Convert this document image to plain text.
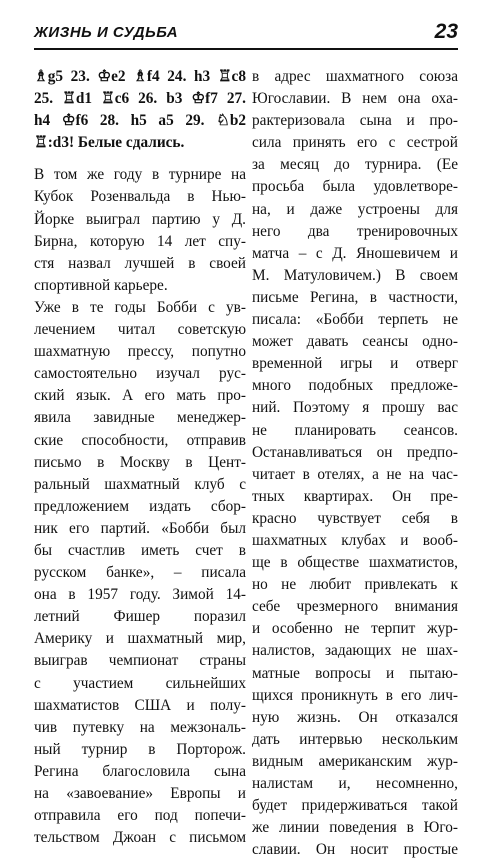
ЖИЗНЬ И СУДЬБА	23
♗g5 23. ♔e2 ♗f4 24. h3 ♖c8
25. ♖d1 ♖c6 26. b3 ♔f7 27.
h4 ♔f6 28. h5 a5 29. ♘b2
♖:d3! Белые сдались.
В том же году в турнире на
Кубок Розенвальда в Нью-
Йорке выиграл партию у Д.
Бирна, которую 14 лет спу-
стя назвал лучшей в своей
спортивной карьере.
Уже в те годы Бобби с ув-
лечением читал советскую
шахматную прессу, попутно
самостоятельно изучал рус-
ский язык. А его мать про-
явила завидные менеджер-
ские способности, отправив
письмо в Москву в Цент-
ральный шахматный клуб с
предложением издать сбор-
ник его партий. «Бобби был
бы счастлив иметь счет в
русском банке», – писала
она в 1957 году. Зимой 14-
летний Фишер поразил
Америку и шахматный мир,
выиграв чемпионат страны
с участием сильнейших
шахматистов США и полу-
чив путевку на межзональ-
ный турнир в Порторож.
Регина благословила сына
на «завоевание» Европы и
отправила его под попечи-
тельством Джоан с письмом
в адрес шахматного союза
Югославии. В нем она оха-
рактеризовала сына и про-
сила принять его с сестрой
за месяц до турнира. (Ее
просьба была удовлетворе-
на, и даже устроены для
него два тренировочных
матча – с Д. Яношевичем и
М. Матуловичем.) В своем
письме Регина, в частности,
писала: «Бобби терпеть не
может давать сеансы одно-
временной игры и отверг
много подобных предложе-
ний. Поэтому я прошу вас
не планировать сеансов.
Останавливаться он предпо-
читает в отелях, а не на час-
тных квартирах. Он пре-
красно чувствует себя в
шахматных клубах и вооб-
ще в обществе шахматистов,
но не любит привлекать к
себе чрезмерного внимания
и особенно не терпит жур-
налистов, задающих не шах-
матные вопросы и пытаю-
щихся проникнуть в его лич-
ную жизнь. Он отказался
дать интервью нескольким
видным американским жур-
налистам и, несомненно,
будет придерживаться такой
же линии поведения в Юго-
славии. Он носит простые
